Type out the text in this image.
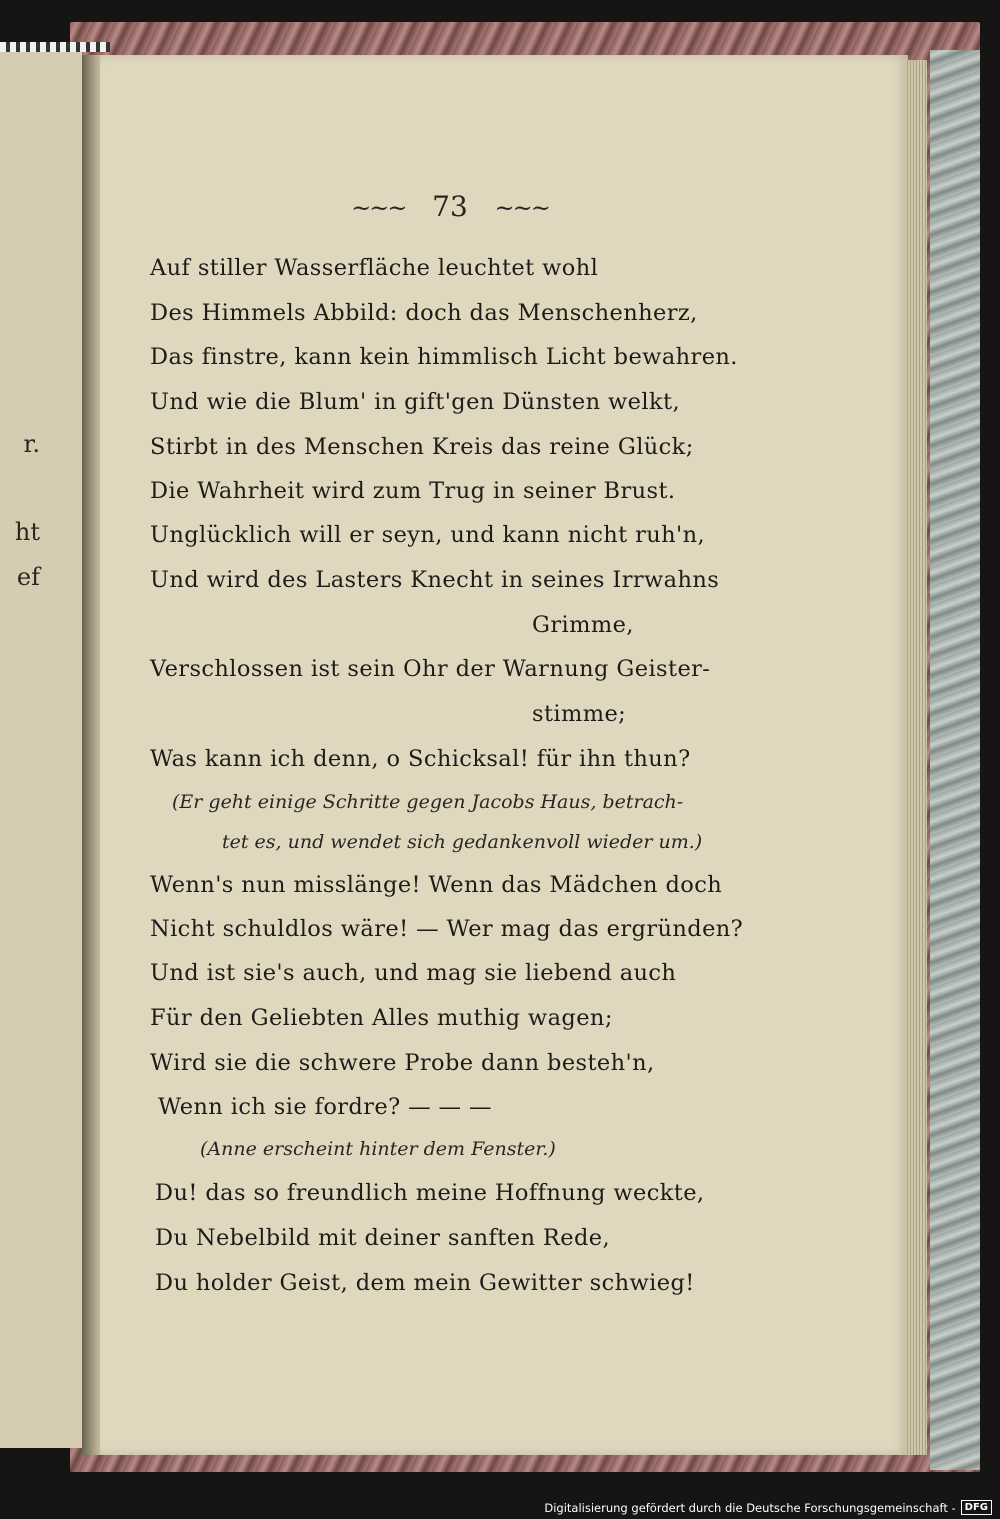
r.
ht
ef
~~~ 73 ~~~
Auf stiller Wasserfläche leuchtet wohl
Des Himmels Abbild: doch das Menschenherz,
Das finstre, kann kein himmlisch Licht bewahren.
Und wie die Blum' in gift'gen Dünsten welkt,
Stirbt in des Menschen Kreis das reine Glück;
Die Wahrheit wird zum Trug in seiner Brust.
Unglücklich will er seyn, und kann nicht ruh'n,
Und wird des Lasters Knecht in seines Irrwahns
Grimme,
Verschlossen ist sein Ohr der Warnung Geister-
stimme;
Was kann ich denn, o Schicksal! für ihn thun?
(Er geht einige Schritte gegen Jacobs Haus, betrach-
tet es, und wendet sich gedankenvoll wieder um.)
Wenn's nun misslänge! Wenn das Mädchen doch
Nicht schuldlos wäre! — Wer mag das ergründen?
Und ist sie's auch, und mag sie liebend auch
Für den Geliebten Alles muthig wagen;
Wird sie die schwere Probe dann besteh'n,
Wenn ich sie fordre? — — —
(Anne erscheint hinter dem Fenster.)
Du! das so freundlich meine Hoffnung weckte,
Du Nebelbild mit deiner sanften Rede,
Du holder Geist, dem mein Gewitter schwieg!
Digitalisierung gefördert durch die Deutsche Forschungsgemeinschaft - DFG
